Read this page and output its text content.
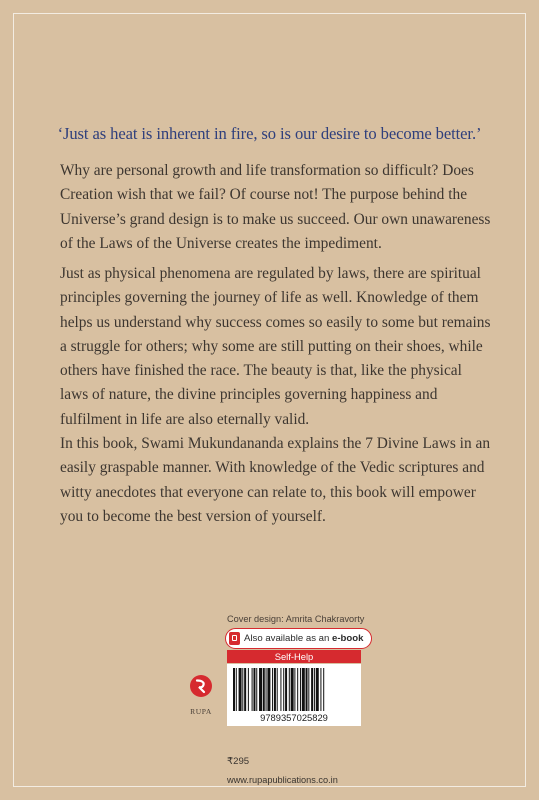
‘Just as heat is inherent in fire, so is our desire to become better.’

Why are personal growth and life transformation so difficult? Does Creation wish that we fail? Of course not! The purpose behind the Universe’s grand design is to make us succeed. Our own unawareness of the Laws of the Universe creates the impediment.

Just as physical phenomena are regulated by laws, there are spiritual principles governing the journey of life as well. Knowledge of them helps us understand why success comes so easily to some but remains a struggle for others; why some are still putting on their shoes, while others have finished the race. The beauty is that, like the physical laws of nature, the divine principles governing happiness and fulfilment in life are also eternally valid.

In this book, Swami Mukundananda explains the 7 Divine Laws in an easily graspable manner. With knowledge of the Vedic scriptures and witty anecdotes that everyone can relate to, this book will empower you to become the best version of yourself.

Cover design: Amrita Chakravorty
Also available as an e-book
Self-Help
9789357025829
₹295
www.rupapublications.co.in
RUPA
